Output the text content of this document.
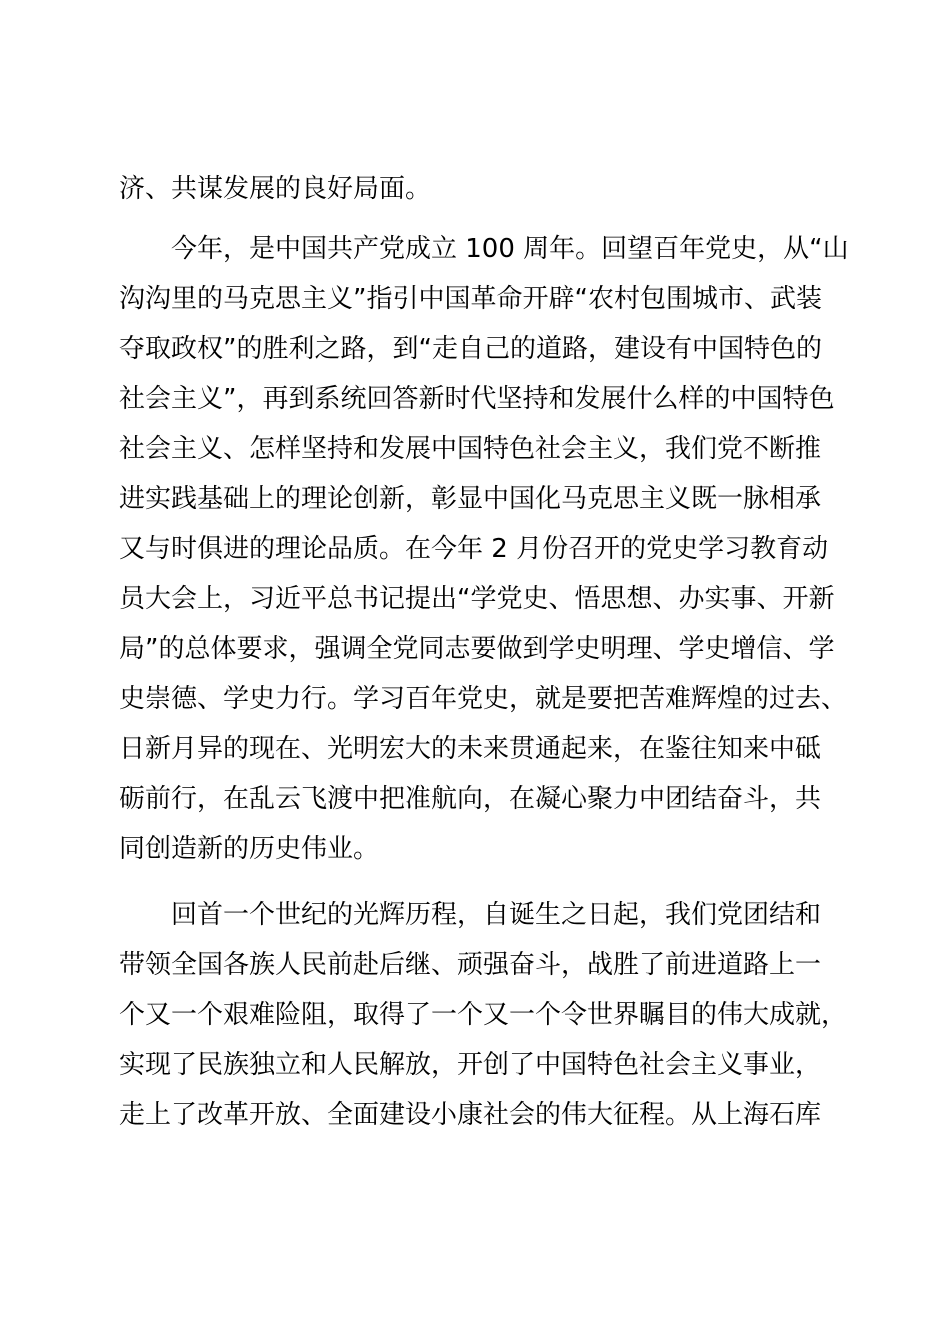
济、共谋发展的良好局面。
今年，是中国共产党成立 100 周年。回望百年党史，从“山
沟沟里的马克思主义”指引中国革命开辟“农村包围城市、武装
夺取政权”的胜利之路，到“走自己的道路，建设有中国特色的
社会主义”，再到系统回答新时代坚持和发展什么样的中国特色
社会主义、怎样坚持和发展中国特色社会主义，我们党不断推
进实践基础上的理论创新，彰显中国化马克思主义既一脉相承
又与时俱进的理论品质。在今年 2 月份召开的党史学习教育动
员大会上，习近平总书记提出“学党史、悟思想、办实事、开新
局”的总体要求，强调全党同志要做到学史明理、学史增信、学
史崇德、学史力行。学习百年党史，就是要把苦难辉煌的过去、
日新月异的现在、光明宏大的未来贯通起来，在鉴往知来中砥
砺前行，在乱云飞渡中把准航向，在凝心聚力中团结奋斗，共
同创造新的历史伟业。
回首一个世纪的光辉历程，自诞生之日起，我们党团结和
带领全国各族人民前赴后继、顽强奋斗，战胜了前进道路上一
个又一个艰难险阻，取得了一个又一个令世界瞩目的伟大成就，
实现了民族独立和人民解放，开创了中国特色社会主义事业，
走上了改革开放、全面建设小康社会的伟大征程。从上海石库
